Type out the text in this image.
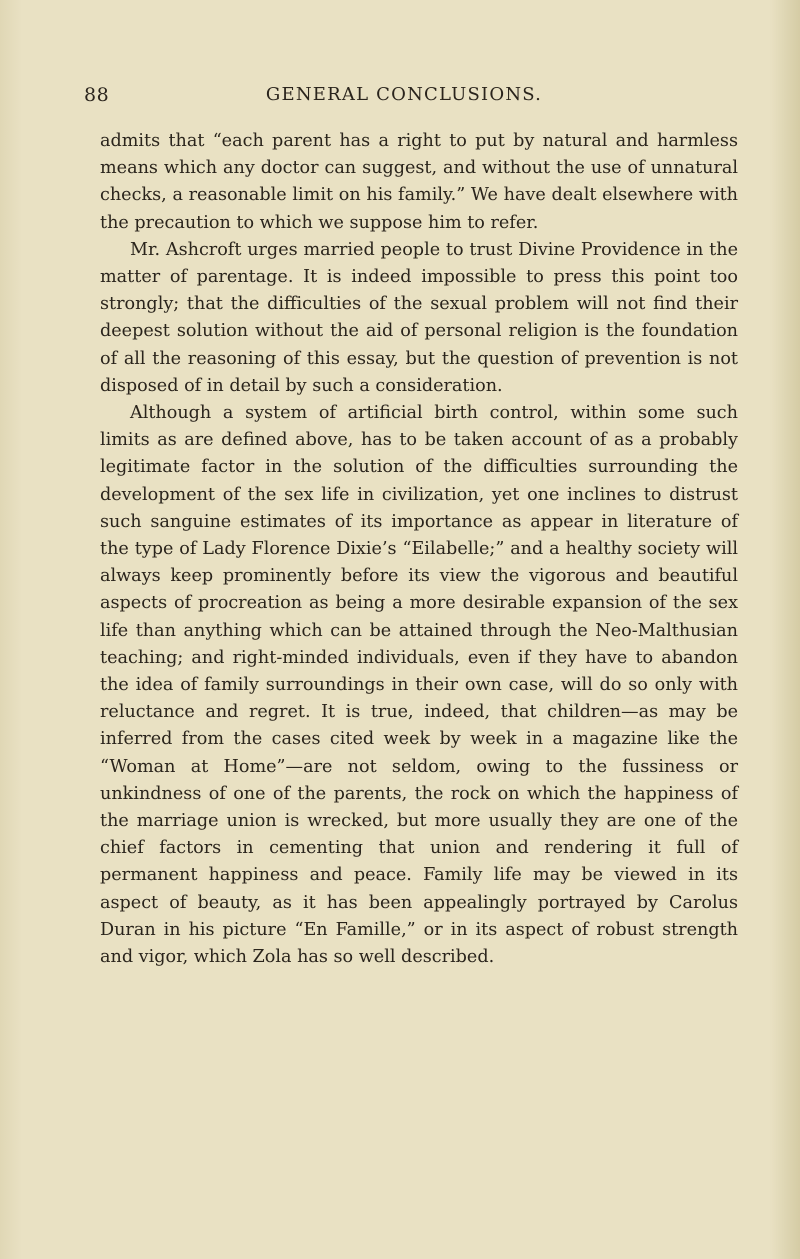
88	GENERAL CONCLUSIONS.

admits that “each parent has a right to put by natural and harmless means which any doctor can suggest, and without the use of unnatural checks, a reasonable limit on his family.” We have dealt elsewhere with the precaution to which we suppose him to refer.

Mr. Ashcroft urges married people to trust Divine Providence in the matter of parentage. It is indeed impossible to press this point too strongly; that the difficulties of the sexual problem will not find their deepest solution without the aid of personal religion is the foundation of all the reasoning of this essay, but the question of prevention is not disposed of in detail by such a consideration.

Although a system of artificial birth control, within some such limits as are defined above, has to be taken account of as a probably legitimate factor in the solution of the difficulties surrounding the development of the sex life in civilization, yet one inclines to distrust such sanguine estimates of its importance as appear in literature of the type of Lady Florence Dixie’s “Eilabelle;” and a healthy society will always keep prominently before its view the vigorous and beautiful aspects of procreation as being a more desirable expansion of the sex life than anything which can be attained through the Neo-Malthusian teaching; and right-minded individuals, even if they have to abandon the idea of family surroundings in their own case, will do so only with reluctance and regret. It is true, indeed, that children—as may be inferred from the cases cited week by week in a magazine like the “Woman at Home”—are not seldom, owing to the fussiness or unkindness of one of the parents, the rock on which the happiness of the marriage union is wrecked, but more usually they are one of the chief factors in cementing that union and rendering it full of permanent happiness and peace. Family life may be viewed in its aspect of beauty, as it has been appealingly portrayed by Carolus Duran in his picture “En Famille,” or in its aspect of robust strength and vigor, which Zola has so well described.
